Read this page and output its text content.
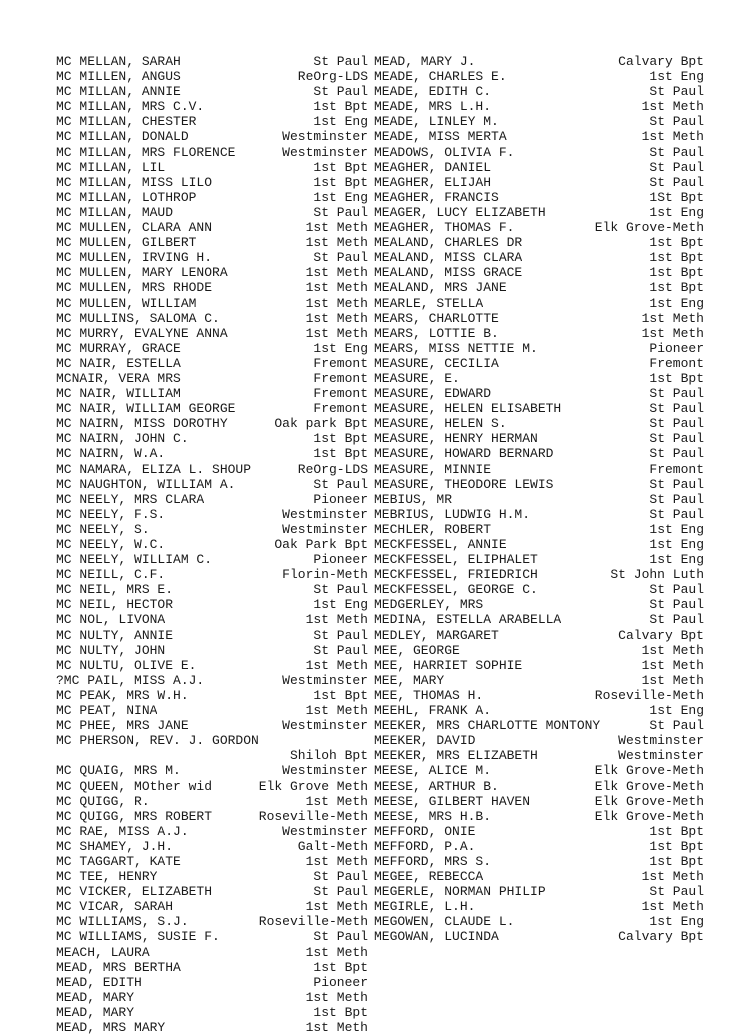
MC MELLAN, SARAH	St Paul
MC MILLEN, ANGUS	ReOrg-LDS
MC MILLAN, ANNIE	St Paul
MC MILLAN, MRS C.V.	1st Bpt
MC MILLAN, CHESTER	1st Eng
MC MILLAN, DONALD	Westminster
MC MILLAN, MRS FLORENCE	Westminster
MC MILLAN, LIL	1st Bpt
MC MILLAN, MISS LILO	1st Bpt
MC MILLAN, LOTHROP	1st Eng
MC MILLAN, MAUD	St Paul
MC MULLEN, CLARA ANN	1st Meth
MC MULLEN, GILBERT	1st Meth
MC MULLEN, IRVING H.	St Paul
MC MULLEN, MARY LENORA	1st Meth
MC MULLEN, MRS RHODE	1st Meth
MC MULLEN, WILLIAM	1st Meth
MC MULLINS, SALOMA C.	1st Meth
MC MURRY, EVALYNE ANNA	1st Meth
MC MURRAY, GRACE	1st Eng
MC NAIR, ESTELLA	Fremont
MCNAIR, VERA MRS	Fremont
MC NAIR, WILLIAM	Fremont
MC NAIR, WILLIAM GEORGE	Fremont
MC NAIRN, MISS DOROTHY	Oak park Bpt
MC NAIRN, JOHN C.	1st Bpt
MC NAIRN, W.A.	1st Bpt
MC NAMARA, ELIZA L. SHOUP	ReOrg-LDS
MC NAUGHTON, WILLIAM A.	St Paul
MC NEELY, MRS CLARA	Pioneer
MC NEELY, F.S.	Westminster
MC NEELY, S.	Westminster
MC NEELY, W.C.	Oak Park Bpt
MC NEELY, WILLIAM C.	Pioneer
MC NEILL, C.F.	Florin-Meth
MC NEIL, MRS E.	St Paul
MC NEIL, HECTOR	1st Eng
MC NOL, LIVONA	1st Meth
MC NULTY, ANNIE	St Paul
MC NULTY, JOHN	St Paul
MC NULTU, OLIVE E.	1st Meth
?MC PAIL, MISS A.J.	Westminster
MC PEAK, MRS W.H.	1st Bpt
MC PEAT, NINA	1st Meth
MC PHEE, MRS JANE	Westminster
MC PHERSON, REV. J. GORDON
Shiloh Bpt
MC QUAIG, MRS M.	Westminster
MC QUEEN, MOther wid	Elk Grove Meth
MC QUIGG, R.	1st Meth
MC QUIGG, MRS ROBERT	Roseville-Meth
MC RAE, MISS A.J.	Westminster
MC SHAMEY, J.H.	Galt-Meth
MC TAGGART, KATE	1st Meth
MC TEE, HENRY	St Paul
MC VICKER, ELIZABETH	St Paul
MC VICAR, SARAH	1st Meth
MC WILLIAMS, S.J.	Roseville-Meth
MC WILLIAMS, SUSIE F.	St Paul
MEACH, LAURA	1st Meth
MEAD, MRS BERTHA	1st Bpt
MEAD, EDITH	Pioneer
MEAD, MARY	1st Meth
MEAD, MARY	1st Bpt
MEAD, MRS MARY	1st Meth
MEAD, MARY J.	Calvary Bpt
MEADE, CHARLES E.	1st Eng
MEADE, EDITH C.	St Paul
MEADE, MRS L.H.	1st Meth
MEADE, LINLEY M.	St Paul
MEADE, MISS MERTA	1st Meth
MEADOWS, OLIVIA F.	St Paul
MEAGHER, DANIEL	St Paul
MEAGHER, ELIJAH	St Paul
MEAGHER, FRANCIS	1St Bpt
MEAGER, LUCY ELIZABETH	1st Eng
MEAGHER, THOMAS F.	Elk Grove-Meth
MEALAND, CHARLES DR	1st Bpt
MEALAND, MISS CLARA	1st Bpt
MEALAND, MISS GRACE	1st Bpt
MEALAND, MRS JANE	1st Bpt
MEARLE, STELLA	1st Eng
MEARS, CHARLOTTE	1st Meth
MEARS, LOTTIE B.	1st Meth
MEARS, MISS NETTIE M.	Pioneer
MEASURE, CECILIA	Fremont
MEASURE, E.	1st Bpt
MEASURE, EDWARD	St Paul
MEASURE, HELEN ELISABETH	St Paul
MEASURE, HELEN S.	St Paul
MEASURE, HENRY HERMAN	St Paul
MEASURE, HOWARD BERNARD	St Paul
MEASURE, MINNIE	Fremont
MEASURE, THEODORE LEWIS	St Paul
MEBIUS, MR	St Paul
MEBRIUS, LUDWIG H.M.	St Paul
MECHLER, ROBERT	1st Eng
MECKFESSEL, ANNIE	1st Eng
MECKFESSEL, ELIPHALET	1st Eng
MECKFESSEL, FRIEDRICH	St John Luth
MECKFESSEL, GEORGE C.	St Paul
MEDGERLEY, MRS	St Paul
MEDINA, ESTELLA ARABELLA	St Paul
MEDLEY, MARGARET	Calvary Bpt
MEE, GEORGE	1st Meth
MEE, HARRIET SOPHIE	1st Meth
MEE, MARY	1st Meth
MEE, THOMAS H.	Roseville-Meth
MEEHL, FRANK A.	1st Eng
MEEKER, MRS CHARLOTTE MONTONY	St Paul
MEEKER, DAVID	Westminster
MEEKER, MRS ELIZABETH	Westminster
MEESE, ALICE M.	Elk Grove-Meth
MEESE, ARTHUR B.	Elk Grove-Meth
MEESE, GILBERT HAVEN	Elk Grove-Meth
MEESE, MRS H.B.	Elk Grove-Meth
MEFFORD, ONIE	1st Bpt
MEFFORD, P.A.	1st Bpt
MEFFORD, MRS S.	1st Bpt
MEGEE, REBECCA	1st Meth
MEGERLE, NORMAN PHILIP	St Paul
MEGIRLE, L.H.	1st Meth
MEGOWEN, CLAUDE L.	1st Eng
MEGOWAN, LUCINDA	Calvary Bpt
